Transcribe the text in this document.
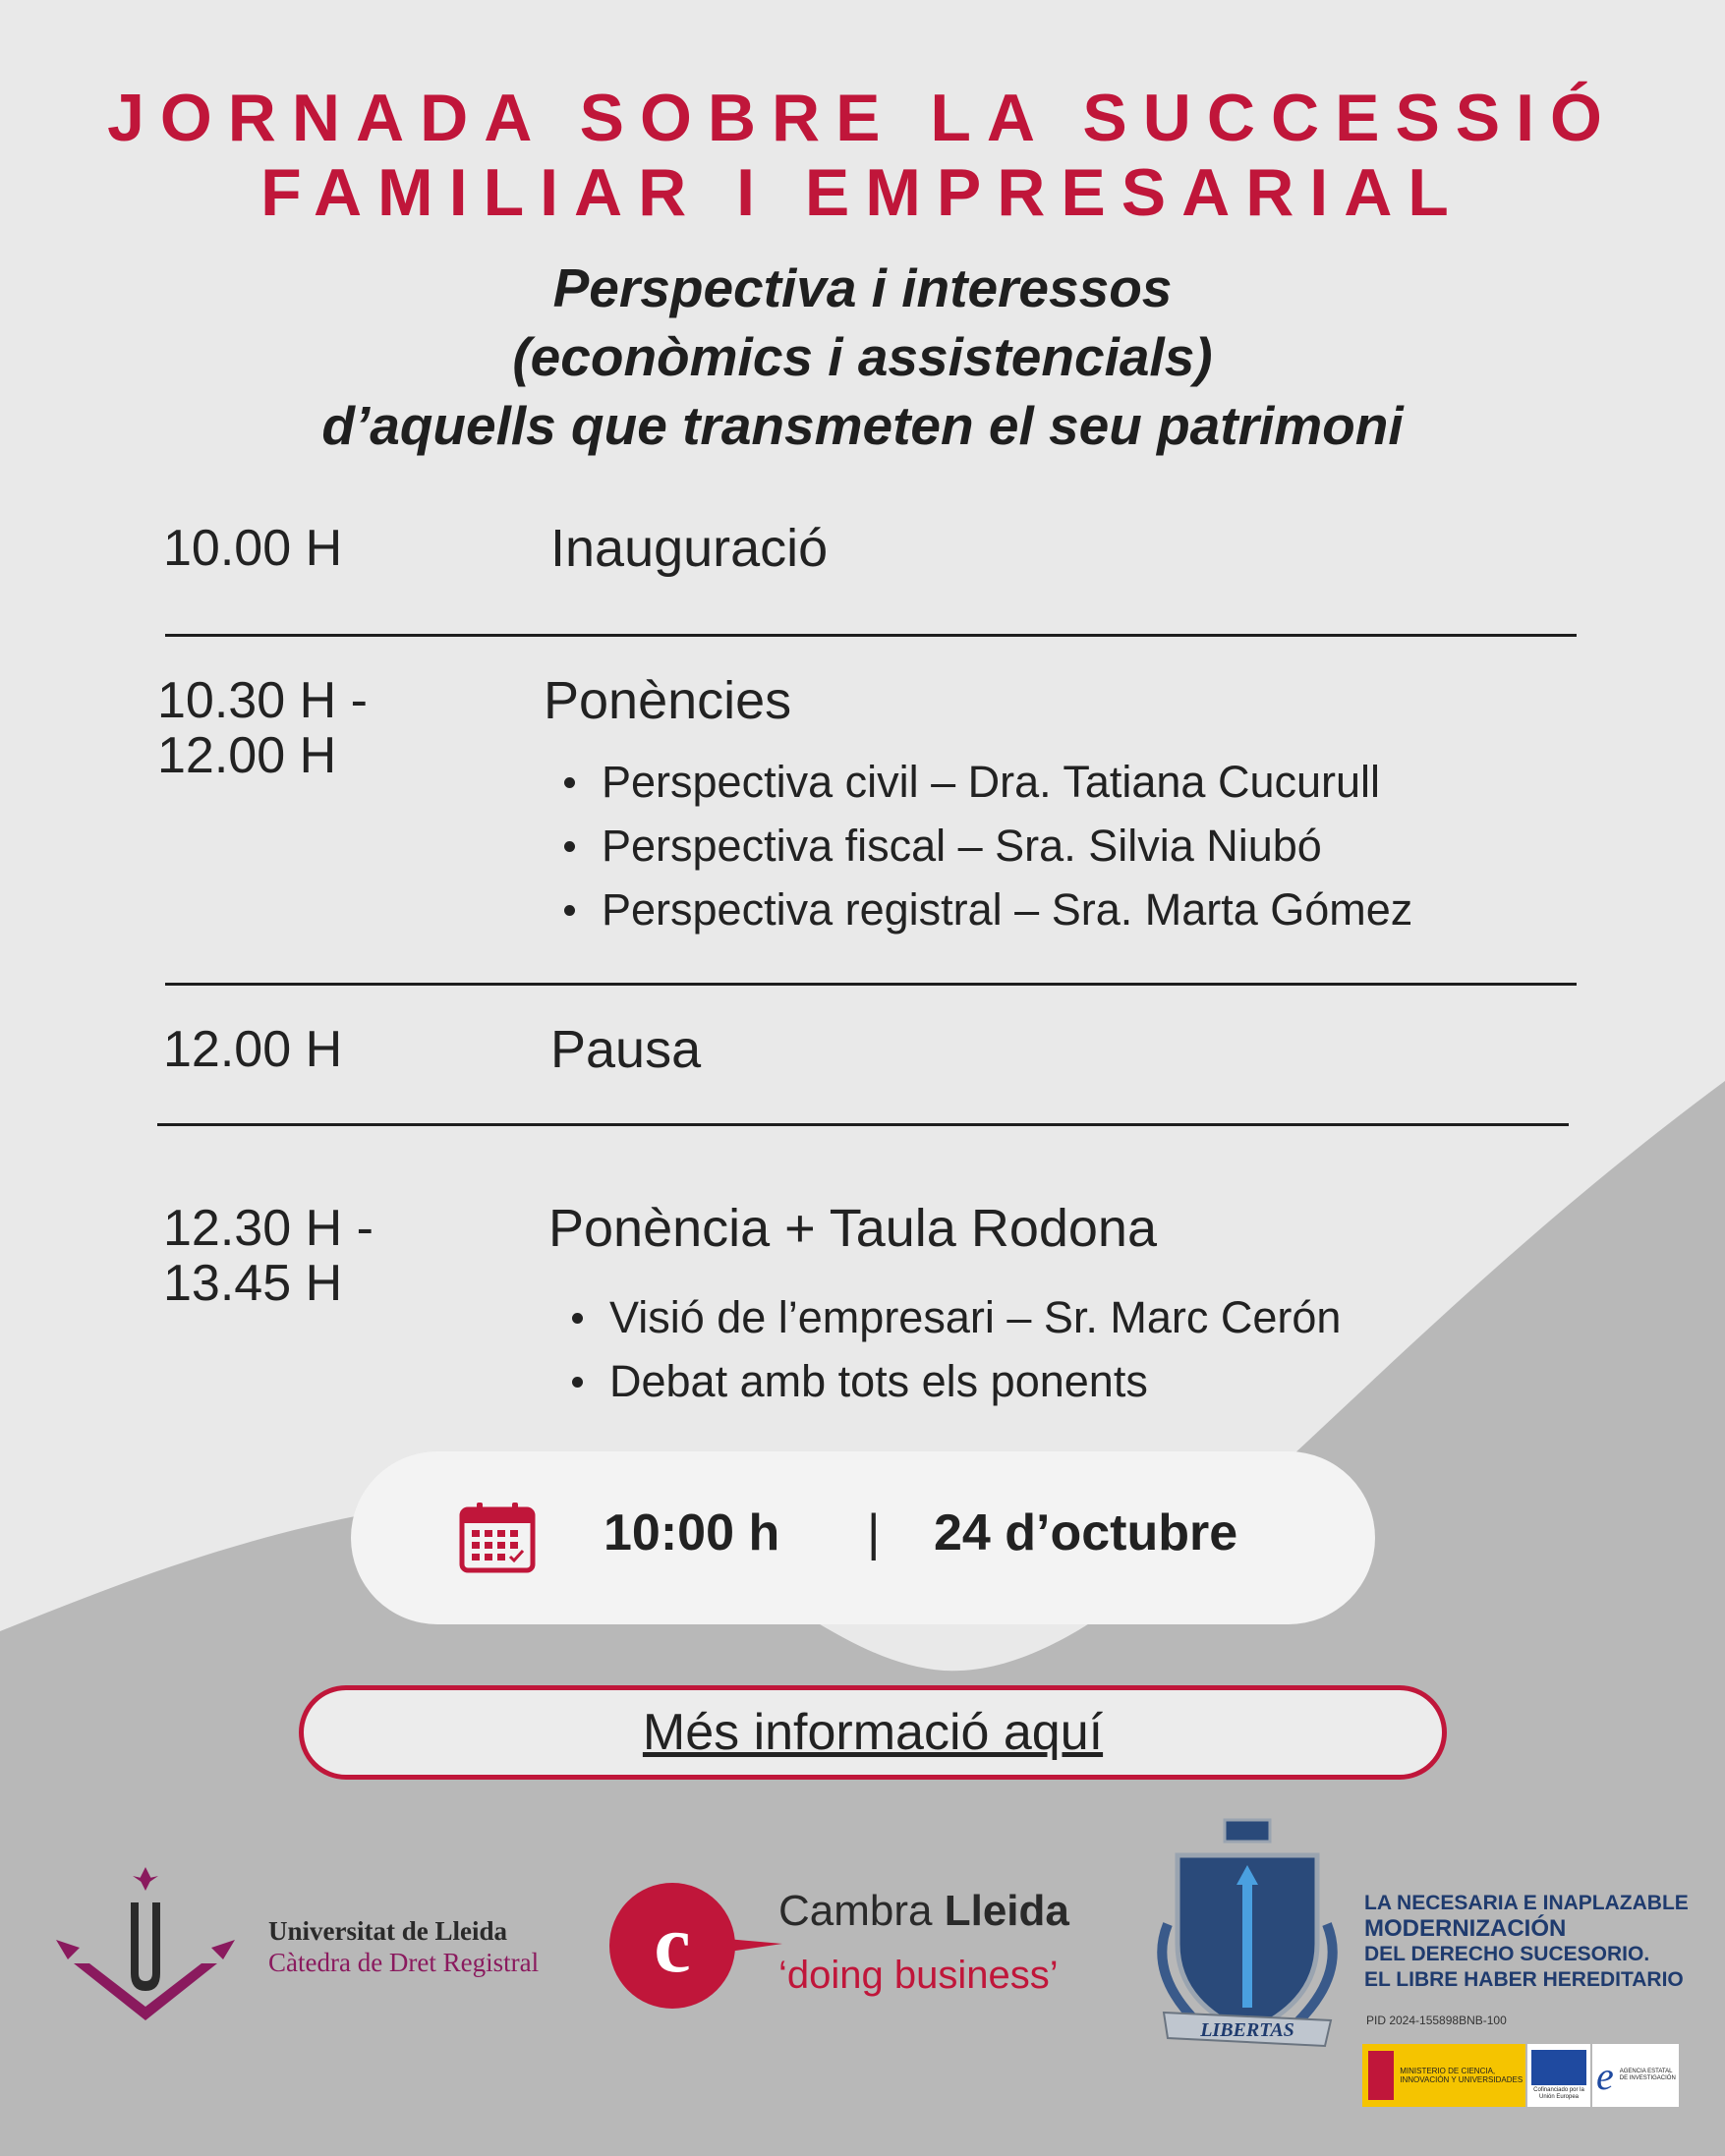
JORNADA SOBRE LA SUCCESSIÓ
FAMILIAR I EMPRESARIAL
Perspectiva i interessos
(econòmics i assistencials)
d’aquells que transmeten el seu patrimoni
10.00 H	Inauguració
10.30 H -
12.00 H
Ponències
Perspectiva civil – Dra. Tatiana Cucurull
Perspectiva fiscal – Sra. Silvia Niubó
Perspectiva registral – Sra. Marta Gómez
12.00 H	Pausa
12.30 H -
13.45 H
Ponència + Taula Rodona
Visió de l’empresari – Sr. Marc Cerón
Debat amb tots els ponents
10:00 h | 24 d’octubre
Més informació aquí
Universitat de Lleida
Càtedra de Dret Registral c Cambra Lleida
‘doing business’
LIBERTAS
LA NECESARIA E INAPLAZABLE
MODERNIZACIÓN
DEL DERECHO SUCESORIO.
EL LIBRE HABER HEREDITARIO
PID 2024-155898BNB-100
MINISTERIO DE CIENCIA, INNOVACIÓN Y UNIVERSIDADES
Cofinanciado por la Unión Europea e AGENCIA ESTATAL DE INVESTIGACIÓN
